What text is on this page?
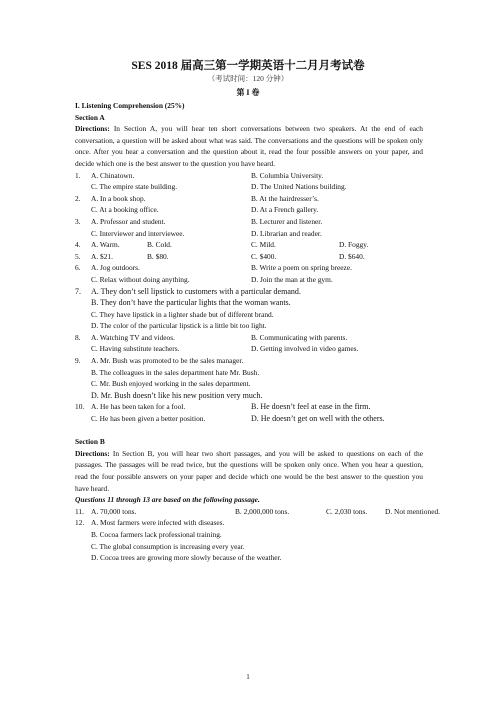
SES 2018 届高三第一学期英语十二月月考试卷
（考试时间：120 分钟）
第 I 卷
I. Listening Comprehension (25%)
Section A
Directions: In Section A, you will hear ten short conversations between two speakers. At the end of each conversation, a question will be asked about what was said. The conversations and the questions will be spoken only once. After you hear a conversation and the question about it, read the four possible answers on your paper, and decide which one is the best answer to the question you have heard.
1. A. Chinatown.	B. Columbia University.
C. The empire state building.	D. The United Nations building.
2. A. In a book shop.	B. At the hairdresser’s.
C. At a booking office.	D. At a French gallery.
3. A. Professor and student.	B. Lecturer and listener.
C. Interviewer and interviewee.	D. Librarian and reader.
4. A. Warm.	B. Cold.	C. Mild.	D. Foggy.
5. A. $21.	B. $80.	C. $400.	D. $640.
6. A. Jog outdoors.	B. Write a poem on spring breeze.
C. Relax without doing anything.	D. Join the man at the gym.
7. A. They don’t sell lipstick to customers with a particular demand.
B. They don’t have the particular lights that the woman wants.
C. They have lipstick in a lighter shade but of different brand.
D. The color of the particular lipstick is a little bit too light.
8. A. Watching TV and videos.	B. Communicating with parents.
C. Having substitute teachers.	D. Getting involved in video games.
9. A. Mr. Bush was promoted to be the sales manager.
B. The colleagues in the sales department hate Mr. Bush.
C. Mr. Bush enjoyed working in the sales department.
D. Mr. Bush doesn’t like his new position very much.
10. A. He has been taken for a fool.	B. He doesn’t feel at ease in the firm.
C. He has been given a better position.	D. He doesn’t get on well with the others.
Section B
Directions: In Section B, you will hear two short passages, and you will be asked to questions on each of the passages. The passages will be read twice, but the questions will be spoken only once. When you hear a question, read the four possible answers on your paper and decide which one would be the best answer to the question you have heard.
Questions 11 through 13 are based on the following passage.
11. A. 70,000 tons.	B. 2,000,000 tons.	C. 2,030 tons. D. Not mentioned.
12. A. Most farmers were infected with diseases.
B. Cocoa farmers lack professional training.
C. The global consumption is increasing every year.
D. Cocoa trees are growing more slowly because of the weather.
1
